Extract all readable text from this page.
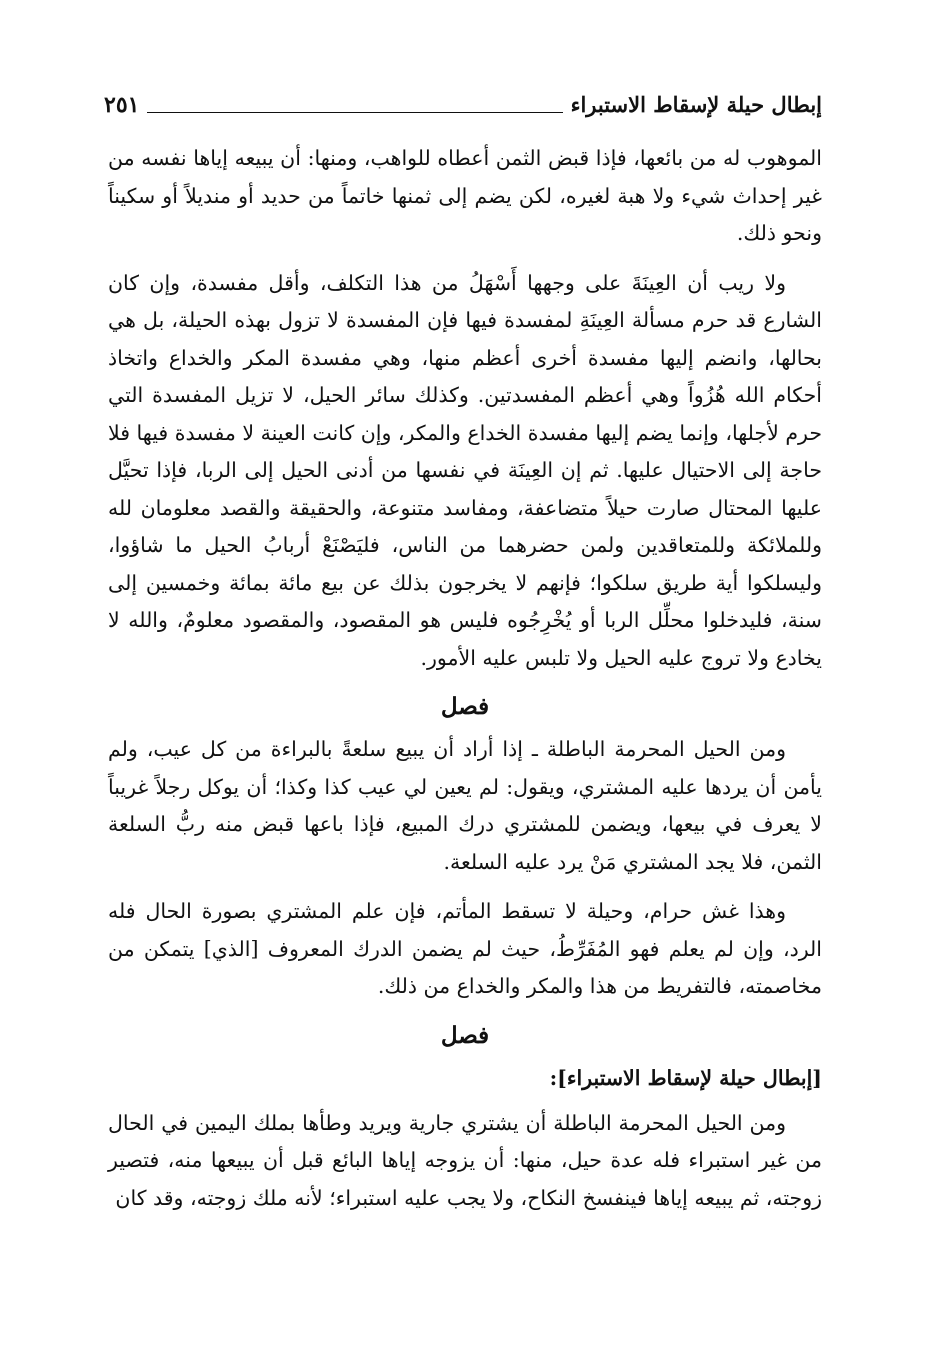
إبطال حيلة لإسقاط الاستبراء
٢٥١

الموهوب له من بائعها، فإذا قبض الثمن أعطاه للواهب، ومنها: أن يبيعه إياها نفسه من غير إحداث شيء ولا هبة لغيره، لكن يضم إلى ثمنها خاتماً من حديد أو منديلاً أو سكيناً ونحو ذلك.

ولا ريب أن العِينَةَ على وجهها أَسْهَلُ من هذا التكلف، وأقل مفسدة، وإن كان الشارع قد حرم مسألة العِينَةِ لمفسدة فيها فإن المفسدة لا تزول بهذه الحيلة، بل هي بحالها، وانضم إليها مفسدة أخرى أعظم منها، وهي مفسدة المكر والخداع واتخاذ أحكام الله هُزُواً وهي أعظم المفسدتين. وكذلك سائر الحيل، لا تزيل المفسدة التي حرم لأجلها، وإنما يضم إليها مفسدة الخداع والمكر، وإن كانت العينة لا مفسدة فيها فلا حاجة إلى الاحتيال عليها. ثم إن العِينَة في نفسها من أدنى الحيل إلى الربا، فإذا تحيَّل عليها المحتال صارت حيلاً متضاعفة، ومفاسد متنوعة، والحقيقة والقصد معلومان لله وللملائكة وللمتعاقدين ولمن حضرهما من الناس، فليَصْنَعْ أربابُ الحيل ما شاؤوا، وليسلكوا أية طريق سلكوا؛ فإنهم لا يخرجون بذلك عن بيع مائة بمائة وخمسين إلى سنة، فليدخلوا محلِّل الربا أو يُخْرِجُوه فليس هو المقصود، والمقصود معلومٌ، والله لا يخادع ولا تروج عليه الحيل ولا تلبس عليه الأمور.

فصل

ومن الحيل المحرمة الباطلة ـ إذا أراد أن يبيع سلعةً بالبراءة من كل عيب، ولم يأمن أن يردها عليه المشتري، ويقول: لم يعين لي عيب كذا وكذا؛ أن يوكل رجلاً غريباً لا يعرف في بيعها، ويضمن للمشتري درك المبيع، فإذا باعها قبض منه ربُّ السلعة الثمن، فلا يجد المشتري مَنْ يرد عليه السلعة.

وهذا غش حرام، وحيلة لا تسقط المأتم، فإن علم المشتري بصورة الحال فله الرد، وإن لم يعلم فهو المُفَرِّطُ، حيث لم يضمن الدرك المعروف [الذي] يتمكن من مخاصمته، فالتفريط من هذا والمكر والخداع من ذلك.

فصل
[إبطال حيلة لإسقاط الاستبراء]:

ومن الحيل المحرمة الباطلة أن يشتري جارية ويريد وطأها بملك اليمين في الحال من غير استبراء فله عدة حيل، منها: أن يزوجه إياها البائع قبل أن يبيعها منه، فتصير زوجته، ثم يبيعه إياها فينفسخ النكاح، ولا يجب عليه استبراء؛ لأنه ملك زوجته، وقد كان
